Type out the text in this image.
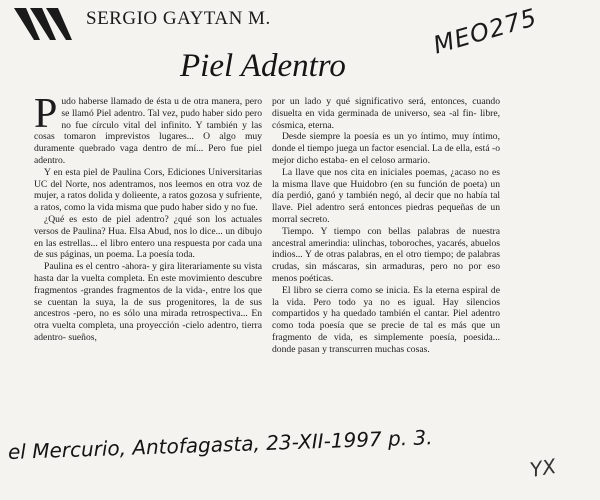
SERGIO GAYTAN M.
Piel Adentro
MEO275

Pudo haberse llamado de ésta u de otra manera, pero se llamó Piel adentro. Tal vez, pudo haber sido pero no fue círculo vital del infinito. Y también y las cosas tomaron imprevistos lugares... O algo muy duramente quebrado vaga dentro de mí... Pero fue piel adentro.

Y en esta piel de Paulina Cors, Ediciones Universitarias UC del Norte, nos adentramos, nos leemos en otra voz de mujer, a ratos dolida y dolieente, a ratos gozosa y sufriente, a ratos, como la vida misma que pudo haber sido y no fue.

¿Qué es esto de piel adentro? ¿qué son los actuales versos de Paulina? Hua. Elsa Abud, nos lo dice... un dibujo en las estrellas... el libro entero una respuesta por cada una de sus páginas, un poema. La poesía toda.

Paulina es el centro -ahora- y gira literariamente su vista hasta dar la vuelta completa. En este movimiento descubre fragmentos -grandes fragmentos de la vida-, entre los que se cuentan la suya, la de sus progenitores, la de sus ancestros -pero, no es sólo una mirada retrospectiva... En otra vuelta completa, una proyección -cielo adentro, tierra adentro- sueños,

por un lado y qué significativo será, entonces, cuando disuelta en vida germinada de universo, sea -al fin- libre, cósmica, eterna.

Desde siempre la poesía es un yo íntimo, muy íntimo, donde el tiempo juega un factor esencial. La de ella, está -o mejor dicho estaba- en el celoso armario.

La llave que nos cita en iniciales poemas, ¿acaso no es la misma llave que Huidobro (en su función de poeta) un día perdió, ganó y también negó, al decir que no había tal llave. Piel adentro será entonces piedras pequeñas de un morral secreto.

Tiempo. Y tiempo con bellas palabras de nuestra ancestral amerindia: ulinchas, toboroches, yacarés, abuelos indios... Y de otras palabras, en el otro tiempo; de palabras crudas, sin máscaras, sin armaduras, pero no por eso menos poéticas.

El libro se cierra como se inicia. Es la eterna espiral de la vida. Pero todo ya no es igual. Hay silencios compartidos y ha quedado también el cantar. Piel adentro como toda poesía que se precie de tal es más que un fragmento de vida, es simplemente poesía, poesida... donde pasan y transcurren muchas cosas.

el Mercurio, Antofagasta, 23-XII-1997 p. 3.
YX
